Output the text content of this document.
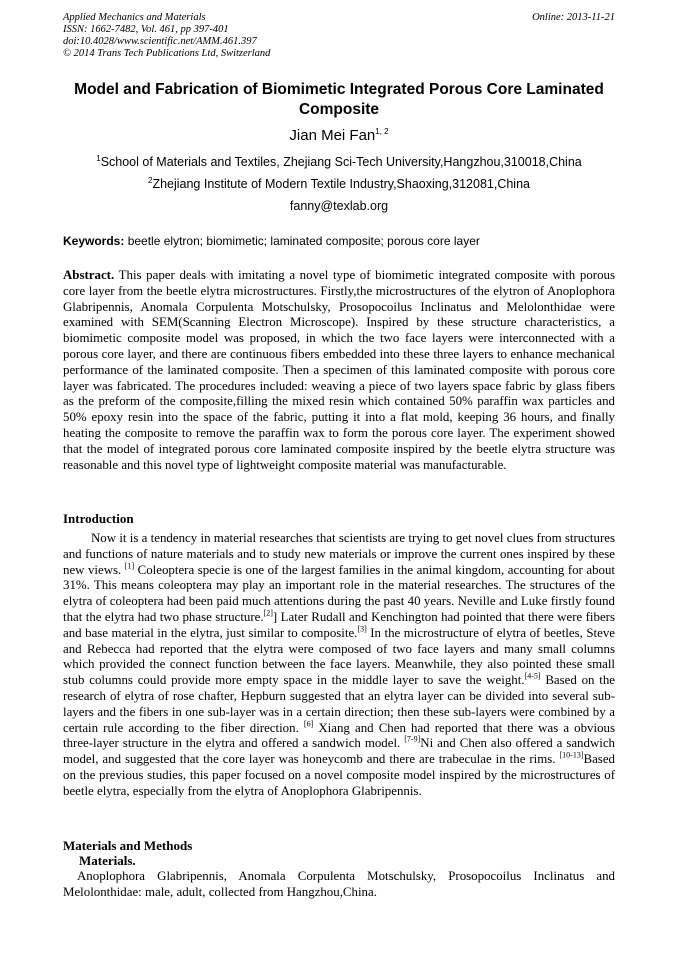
Applied Mechanics and Materials
ISSN: 1662-7482, Vol. 461, pp 397-401
doi:10.4028/www.scientific.net/AMM.461.397
© 2014 Trans Tech Publications Ltd, Switzerland
Online: 2013-11-21
Model and Fabrication of Biomimetic Integrated Porous Core Laminated Composite
Jian Mei Fan$^{1, 2}$
$^1$School of Materials and Textiles, Zhejiang Sci-Tech University,Hangzhou,310018,China
$^2$Zhejiang Institute of Modern Textile Industry,Shaoxing,312081,China
fanny@texlab.org
Keywords: beetle elytron; biomimetic; laminated composite; porous core layer
Abstract. This paper deals with imitating a novel type of biomimetic integrated composite with porous core layer from the beetle elytra microstructures. Firstly,the microstructures of the elytron of Anoplophora Glabripennis, Anomala Corpulenta Motschulsky, Prosopocoilus Inclinatus and Melolonthidae were examined with SEM(Scanning Electron Microscope). Inspired by these structure characteristics, a biomimetic composite model was proposed, in which the two face layers were interconnected with a porous core layer, and there are continuous fibers embedded into these three layers to enhance mechanical performance of the laminated composite. Then a specimen of this laminated composite with porous core layer was fabricated. The procedures included: weaving a piece of two layers space fabric by glass fibers as the preform of the composite,filling the mixed resin which contained 50% paraffin wax particles and 50% epoxy resin into the space of the fabric, putting it into a flat mold, keeping 36 hours, and finally heating the composite to remove the paraffin wax to form the porous core layer. The experiment showed that the model of integrated porous core laminated composite inspired by the beetle elytra structure was reasonable and this novel type of lightweight composite material was manufacturable.
Introduction

Now it is a tendency in material researches that scientists are trying to get novel clues from structures and functions of nature materials and to study new materials or improve the current ones inspired by these new views. [1] Coleoptera specie is one of the largest families in the animal kingdom, accounting for about 31%. This means coleoptera may play an important role in the material researches. The structures of the elytra of coleoptera had been paid much attentions during the past 40 years. Neville and Luke firstly found that the elytra had two phase structure.[2]] Later Rudall and Kenchington had pointed that there were fibers and base material in the elytra, just similar to composite.[3] In the microstructure of elytra of beetles, Steve and Rebecca had reported that the elytra were composed of two face layers and many small columns which provided the connect function between the face layers. Meanwhile, they also pointed these small stub columns could provide more empty space in the middle layer to save the weight.[4-5] Based on the research of elytra of rose chafter, Hepburn suggested that an elytra layer can be divided into several sub-layers and the fibers in one sub-layer was in a certain direction; then these sub-layers were combined by a certain rule according to the fiber direction. [6] Xiang and Chen had reported that there was a obvious three-layer structure in the elytra and offered a sandwich model. [7-9]Ni and Chen also offered a sandwich model, and suggested that the core layer was honeycomb and there are trabeculae in the rims. [10-13]Based on the previous studies, this paper focused on a novel composite model inspired by the microstructures of beetle elytra, especially from the elytra of Anoplophora Glabripennis.

Materials and Methods
Materials.

Anoplophora Glabripennis, Anomala Corpulenta Motschulsky, Prosopocoilus Inclinatus and Melolonthidae: male, adult, collected from Hangzhou,China.
